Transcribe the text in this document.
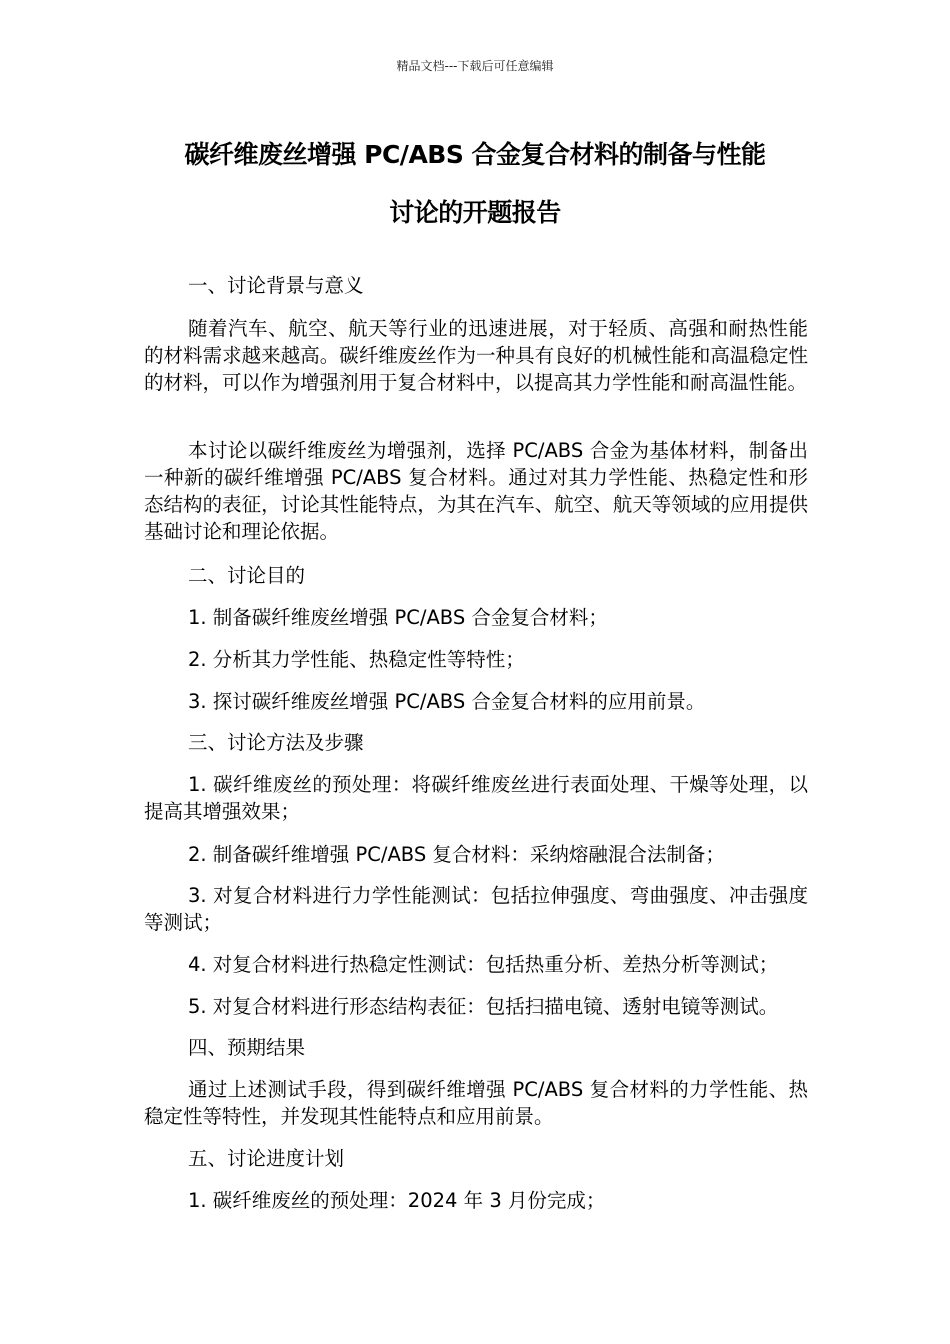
精品文档---下载后可任意编辑
碳纤维废丝增强 PC/ABS 合金复合材料的制备与性能
讨论的开题报告

一、讨论背景与意义

随着汽车、航空、航天等行业的迅速进展，对于轻质、高强和耐热性能的材料需求越来越高。碳纤维废丝作为一种具有良好的机械性能和高温稳定性的材料，可以作为增强剂用于复合材料中，以提高其力学性能和耐高温性能。

本讨论以碳纤维废丝为增强剂，选择 PC/ABS 合金为基体材料，制备出一种新的碳纤维增强 PC/ABS 复合材料。通过对其力学性能、热稳定性和形态结构的表征，讨论其性能特点，为其在汽车、航空、航天等领域的应用提供基础讨论和理论依据。

二、讨论目的

1. 制备碳纤维废丝增强 PC/ABS 合金复合材料；

2. 分析其力学性能、热稳定性等特性；

3. 探讨碳纤维废丝增强 PC/ABS 合金复合材料的应用前景。

三、讨论方法及步骤

1. 碳纤维废丝的预处理：将碳纤维废丝进行表面处理、干燥等处理，以提高其增强效果；

2. 制备碳纤维增强 PC/ABS 复合材料：采纳熔融混合法制备；

3. 对复合材料进行力学性能测试：包括拉伸强度、弯曲强度、冲击强度等测试；

4. 对复合材料进行热稳定性测试：包括热重分析、差热分析等测试；

5. 对复合材料进行形态结构表征：包括扫描电镜、透射电镜等测试。

四、预期结果

通过上述测试手段，得到碳纤维增强 PC/ABS 复合材料的力学性能、热稳定性等特性，并发现其性能特点和应用前景。

五、讨论进度计划

1. 碳纤维废丝的预处理：2024 年 3 月份完成；
